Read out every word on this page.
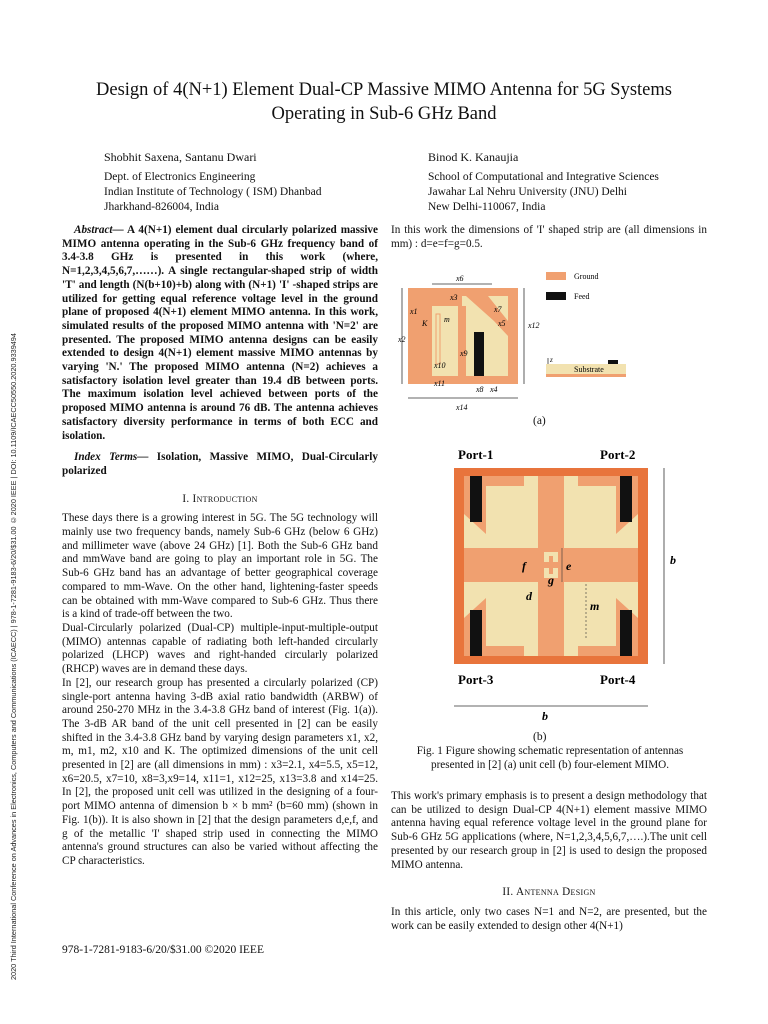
2020 Third International Conference on Advances in Electronics, Computers and Communications (ICAECC) | 978-1-7281-9183-6/20/$31.00 ©2020 IEEE | DOI: 10.1109/ICAECC50550.2020.9339494
Design of 4(N+1) Element Dual-CP Massive MIMO Antenna for 5G Systems
Operating in Sub-6 GHz Band
Shobhit Saxena, Santanu Dwari
Dept. of Electronics Engineering
Indian Institute of Technology ( ISM) Dhanbad
Jharkhand-826004, India
Binod K. Kanaujia
School of Computational and Integrative Sciences
Jawahar Lal Nehru University (JNU) Delhi
New Delhi-110067, India

Abstract— A 4(N+1) element dual circularly polarized massive MIMO antenna operating in the Sub-6 GHz frequency band of 3.4-3.8 GHz is presented in this work (where, N=1,2,3,4,5,6,7,……). A single rectangular-shaped strip of width 'T' and length (N(b+10)+b) along with (N+1) 'I' -shaped strips are utilized for getting equal reference voltage level in the ground plane of proposed 4(N+1) element MIMO antenna. In this work, simulated results of the proposed MIMO antenna with 'N=2' are presented. The proposed MIMO antenna designs can be easily extended to design 4(N+1) element massive MIMO antennas by varying 'N.' The proposed MIMO antenna (N=2) achieves a satisfactory isolation level greater than 19.4 dB between ports. The maximum isolation level achieved between ports of the proposed MIMO antenna is around 76 dB. The antenna achieves satisfactory diversity performance in terms of both ECC and isolation.

Index Terms— Isolation, Massive MIMO, Dual-Circularly polarized

I. Introduction

These days there is a growing interest in 5G. The 5G technology will mainly use two frequency bands, namely Sub-6 GHz (below 6 GHz) and millimeter wave (above 24 GHz) [1]. Both the Sub-6 GHz band and mmWave band are going to play an important role in 5G. The Sub-6 GHz band has an advantage of better geographical coverage compared to mm-Wave. On the other hand, lightening-faster speeds can be obtained with mm-Wave compared to Sub-6 GHz. Thus there is a kind of trade-off between the two.

Dual-Circularly polarized (Dual-CP) multiple-input-multiple-output (MIMO) antennas capable of radiating both left-handed circularly polarized (LHCP) waves and right-handed circularly polarized (RHCP) waves are in demand these days.

In [2], our research group has presented a circularly polarized (CP) single-port antenna having 3-dB axial ratio bandwidth (ARBW) of around 250-270 MHz in the 3.4-3.8 GHz band of interest (Fig. 1(a)). The 3-dB AR band of the unit cell presented in [2] can be easily shifted in the 3.4-3.8 GHz band by varying design parameters x1, x2, m, m1, m2, x10 and K. The optimized dimensions of the unit cell presented in [2] are (all dimensions in mm) : x3=2.1, x4=5.5, x5=12, x6=20.5, x7=10, x8=3,x9=14, x11=1, x12=25, x13=3.8 and x14=25. In [2], the proposed unit cell was utilized in the designing of a four-port MIMO antenna of dimension b × b mm² (b=60 mm) (shown in Fig. 1(b)). It is also shown in [2] that the design parameters d,e,f, and g of the metallic 'I' shaped strip used in connecting the MIMO antenna's ground structures can also be varied without affecting the CP characteristics.

978-1-7281-9183-6/20/$31.00 ©2020 IEEE

In this work the dimensions of 'I' shaped strip are (all dimensions in mm) : d=e=f=g=0.5.

x6
x3
x7
x1
K m	x5	x12
x2
x10
x9
x11
x8 x4
x14
Ground
Feed
z
Substrate
(a)
Port-1	Port-2
b
b
f	e
g
d
m
Port-3	Port-4
(b)
Fig. 1 Figure showing schematic representation of antennas presented in [2] (a) unit cell (b) four-element MIMO.

This work's primary emphasis is to present a design methodology that can be utilized to design Dual-CP 4(N+1) element massive MIMO antenna having equal reference voltage level in the ground plane for Sub-6 GHz 5G applications (where, N=1,2,3,4,5,6,7,….).The unit cell presented by our research group in [2] is used to design the proposed MIMO antenna.

II. Antenna Design

In this article, only two cases N=1 and N=2, are presented, but the work can be easily extended to design other 4(N+1)
